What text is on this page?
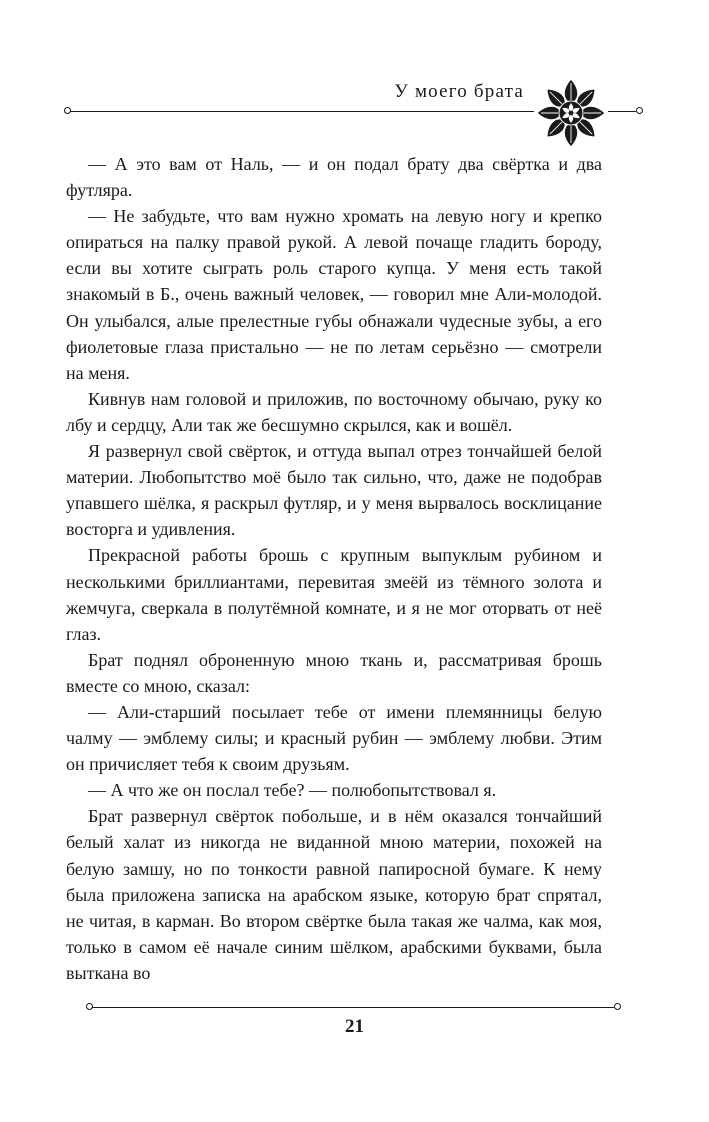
У моего брата

— А это вам от Наль, — и он подал брату два свёртка и два футляра.

— Не забудьте, что вам нужно хромать на левую ногу и крепко опираться на палку правой рукой. А левой почаще гладить бороду, если вы хотите сыграть роль старого купца. У меня есть такой знакомый в Б., очень важный человек, — говорил мне Али-молодой. Он улыбался, алые прелестные губы обнажали чудесные зубы, а его фиолетовые глаза пристально — не по летам серьёзно — смотрели на меня.

Кивнув нам головой и приложив, по восточному обычаю, руку ко лбу и сердцу, Али так же бесшумно скрылся, как и вошёл.

Я развернул свой свёрток, и оттуда выпал отрез тончайшей белой материи. Любопытство моё было так сильно, что, даже не подобрав упавшего шёлка, я раскрыл футляр, и у меня вырвалось восклицание восторга и удивления.

Прекрасной работы брошь с крупным выпуклым рубином и несколькими бриллиантами, перевитая змеёй из тёмного золота и жемчуга, сверкала в полутёмной комнате, и я не мог оторвать от неё глаз.

Брат поднял оброненную мною ткань и, рассматривая брошь вместе со мною, сказал:

— Али-старший посылает тебе от имени племянницы белую чалму — эмблему силы; и красный рубин — эмблему любви. Этим он причисляет тебя к своим друзьям.

— А что же он послал тебе? — полюбопытствовал я.

Брат развернул свёрток побольше, и в нём оказался тончайший белый халат из никогда не виданной мною материи, похожей на белую замшу, но по тонкости равной папиросной бумаге. К нему была приложена записка на арабском языке, которую брат спрятал, не читая, в карман. Во втором свёртке была такая же чалма, как моя, только в самом её начале синим шёлком, арабскими буквами, была выткана во

21
